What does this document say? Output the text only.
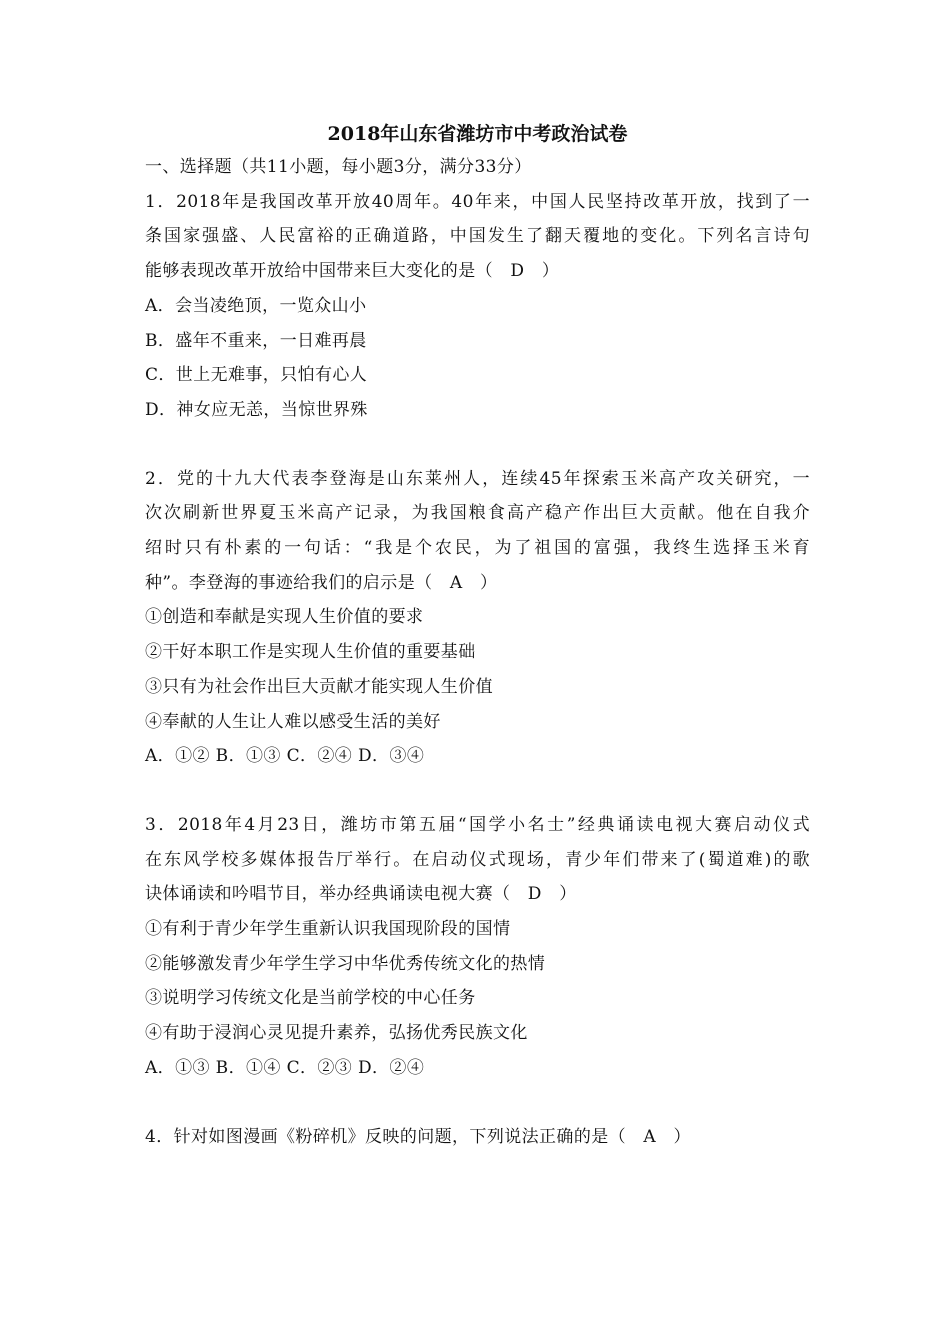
2018年山东省潍坊市中考政治试卷
一、选择题（共11小题，每小题3分，满分33分）
1．2018年是我国改革开放40周年。40年来，中国人民坚持改革开放，找到了一
条国家强盛、人民富裕的正确道路，中国发生了翻天覆地的变化。下列名言诗句
能够表现改革开放给中国带来巨大变化的是（　D　）
A．会当凌绝顶，一览众山小
B．盛年不重来，一日难再晨
C．世上无难事，只怕有心人
D．神女应无恙，当惊世界殊
2．党的十九大代表李登海是山东莱州人，连续45年探索玉米高产攻关研究，一
次次刷新世界夏玉米高产记录，为我国粮食高产稳产作出巨大贡献。他在自我介
绍时只有朴素的一句话：“我是个农民，为了祖国的富强，我终生选择玉米育
种”。李登海的事迹给我们的启示是（　A　）
①创造和奉献是实现人生价值的要求
②干好本职工作是实现人生价值的重要基础
③只有为社会作出巨大贡献才能实现人生价值
④奉献的人生让人难以感受生活的美好
A．①② B．①③ C．②④ D．③④
3．2018年4月23日，潍坊市第五届“国学小名士”经典诵读电视大赛启动仪式
在东风学校多媒体报告厅举行。在启动仪式现场，青少年们带来了(蜀道难)的歌
诀体诵读和吟唱节目，举办经典诵读电视大赛（　D　）
①有利于青少年学生重新认识我国现阶段的国情
②能够激发青少年学生学习中华优秀传统文化的热情
③说明学习传统文化是当前学校的中心任务
④有助于浸润心灵见提升素养，弘扬优秀民族文化
A．①③ B．①④ C．②③ D．②④
4．针对如图漫画《粉碎机》反映的问题，下列说法正确的是（　A　）
